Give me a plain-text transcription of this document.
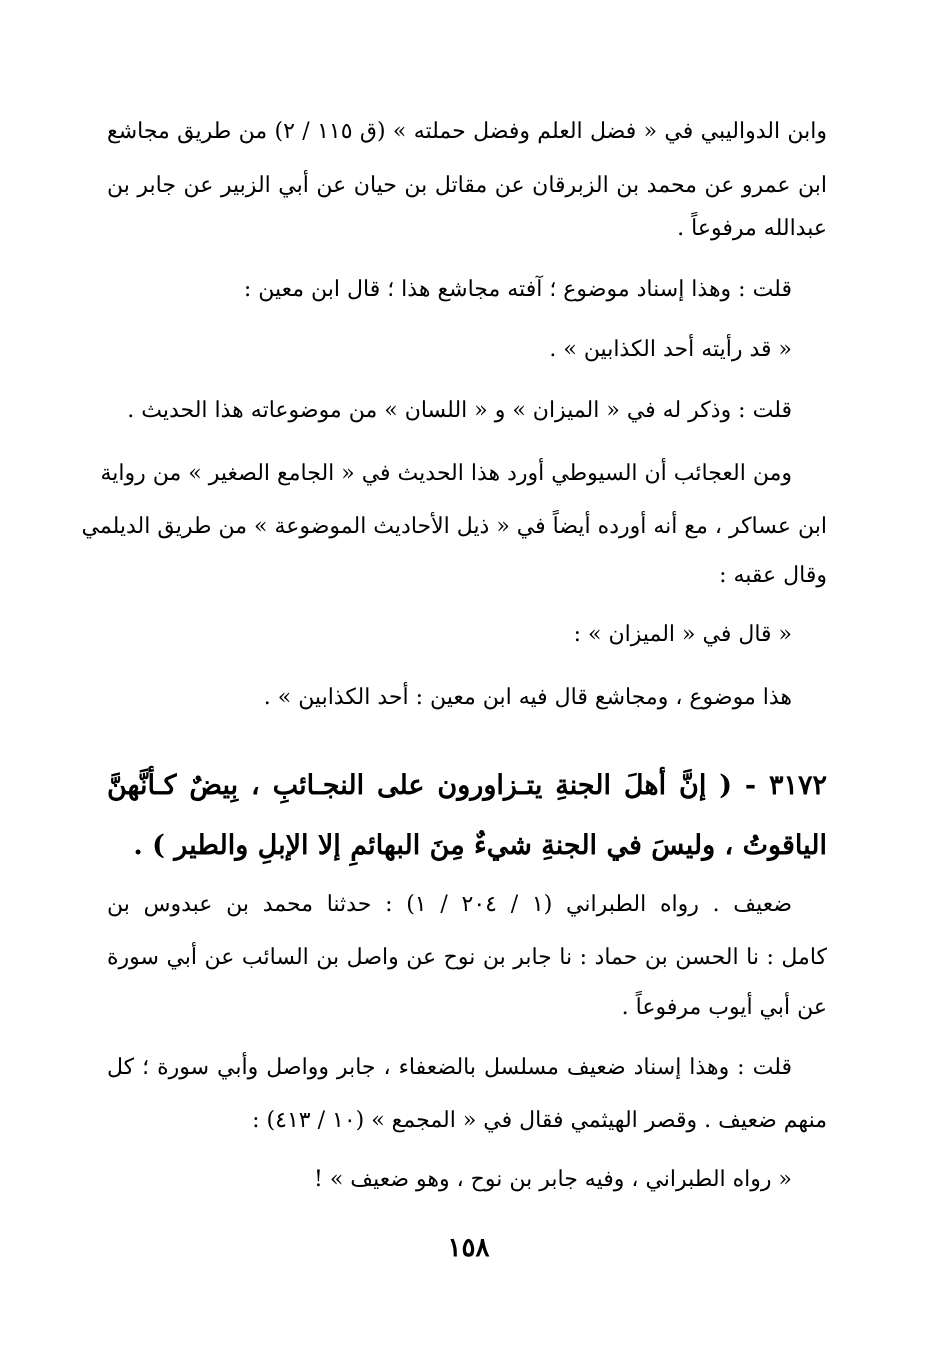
وابن الدواليبي في « فضل العلم وفضل حملته » (ق ١١٥ / ٢) من طريق مجاشع
ابن عمرو عن محمد بن الزبرقان عن مقاتل بن حيان عن أبي الزبير عن جابر بن
عبدالله مرفوعاً .
قلت : وهذا إسناد موضوع ؛ آفته مجاشع هذا ؛ قال ابن معين :
« قد رأيته أحد الكذابين » .
قلت : وذكر له في « الميزان » و « اللسان » من موضوعاته هذا الحديث .
ومن العجائب أن السيوطي أورد هذا الحديث في « الجامع الصغير » من رواية
ابن عساكر ، مع أنه أورده أيضاً في « ذيل الأحاديث الموضوعة » من طريق الديلمي
وقال عقبه :
« قال في « الميزان » :
هذا موضوع ، ومجاشع قال فيه ابن معين : أحد الكذابين » .
٣١٧٢ - ( إنَّ أهلَ الجنةِ يتـزاورون على النجـائبِ ، بِيضٌ كـأنَّهنَّ
الياقوتُ ، وليسَ في الجنةِ شيءٌ مِنَ البهائمِ إلا الإبلِ والطير ) .
ضعيف . رواه الطبراني (١ / ٢٠٤ / ١) : حدثنا محمد بن عبدوس بن
كامل : نا الحسن بن حماد : نا جابر بن نوح عن واصل بن السائب عن أبي سورة
عن أبي أيوب مرفوعاً .
قلت : وهذا إسناد ضعيف مسلسل بالضعفاء ، جابر وواصل وأبي سورة ؛ كل
منهم ضعيف . وقصر الهيثمي فقال في « المجمع » (١٠ / ٤١٣) :
« رواه الطبراني ، وفيه جابر بن نوح ، وهو ضعيف » !
١٥٨
